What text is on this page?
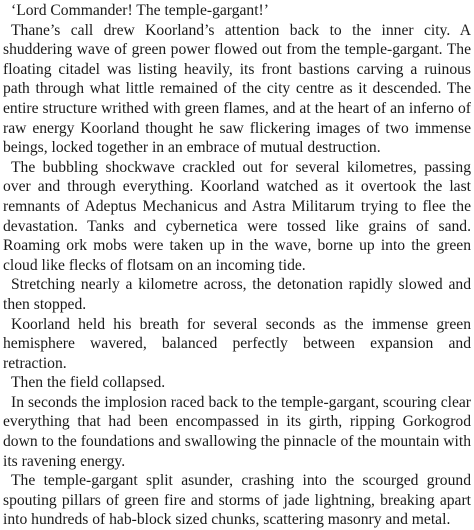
‘Lord Commander! The temple-gargant!’

Thane’s call drew Koorland’s attention back to the inner city. A shuddering wave of green power flowed out from the temple-gargant. The floating citadel was listing heavily, its front bastions carving a ruinous path through what little remained of the city centre as it descended. The entire structure writhed with green flames, and at the heart of an inferno of raw energy Koorland thought he saw flickering images of two immense beings, locked together in an embrace of mutual destruction.

The bubbling shockwave crackled out for several kilometres, passing over and through everything. Koorland watched as it overtook the last remnants of Adeptus Mechanicus and Astra Militarum trying to flee the devastation. Tanks and cybernetica were tossed like grains of sand. Roaming ork mobs were taken up in the wave, borne up into the green cloud like flecks of flotsam on an incoming tide.

Stretching nearly a kilometre across, the detonation rapidly slowed and then stopped.

Koorland held his breath for several seconds as the immense green hemisphere wavered, balanced perfectly between expansion and retraction.

Then the field collapsed.

In seconds the implosion raced back to the temple-gargant, scouring clear everything that had been encompassed in its girth, ripping Gorkogrod down to the foundations and swallowing the pinnacle of the mountain with its ravening energy.

The temple-gargant split asunder, crashing into the scourged ground spouting pillars of green fire and storms of jade lightning, breaking apart into hundreds of hab-block sized chunks, scattering masonry and metal.
